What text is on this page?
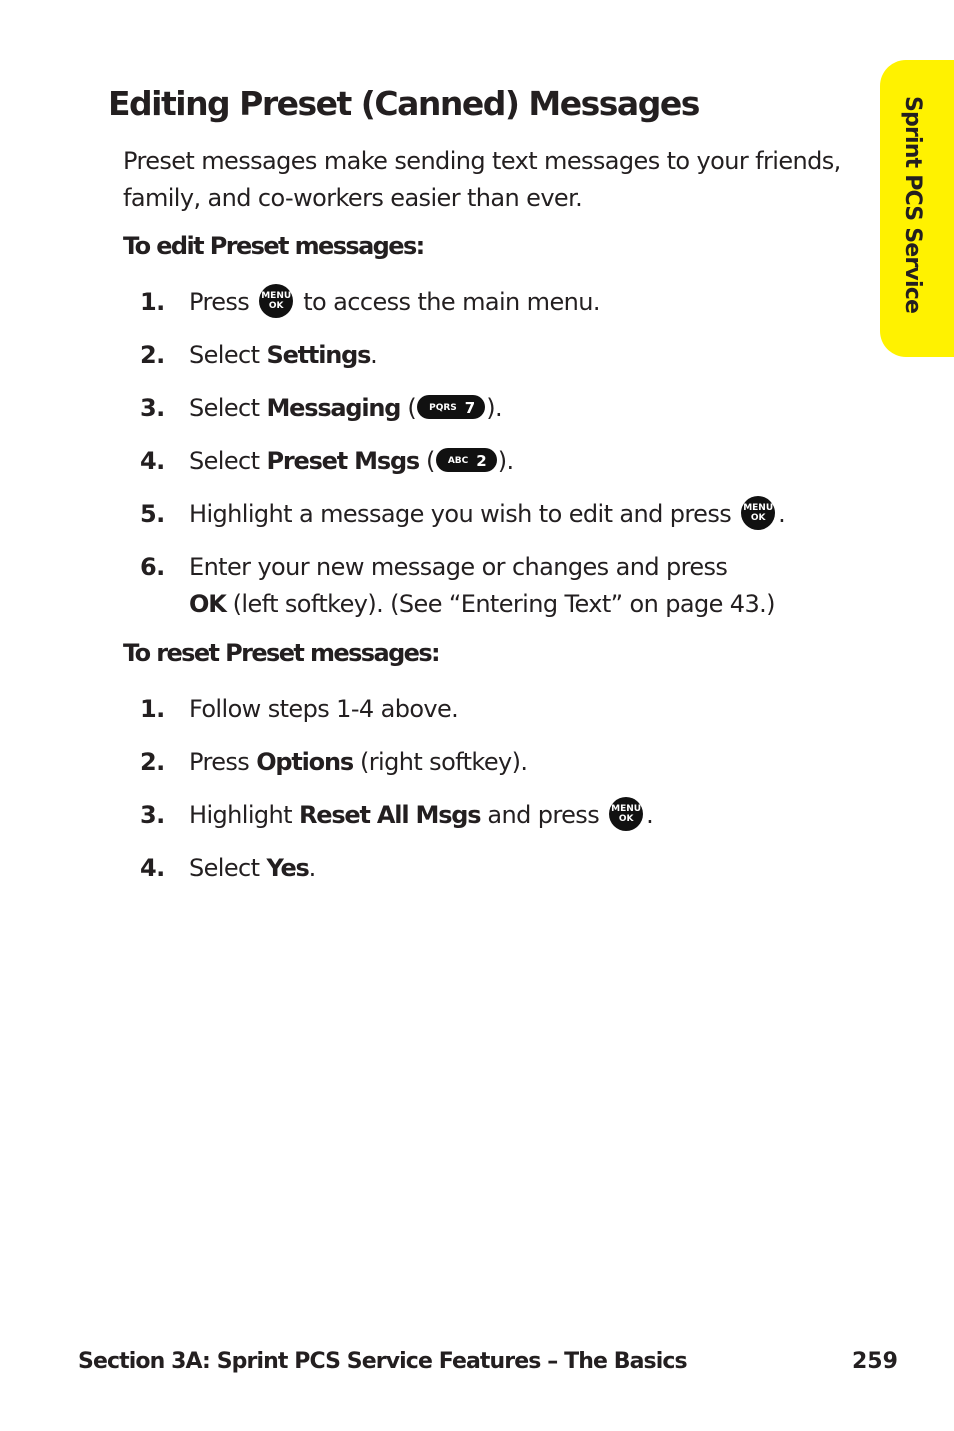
Editing Preset (Canned) Messages

Preset messages make sending text messages to your friends, family, and co-workers easier than ever.

To edit Preset messages:

1.	Press MENU
OK to access the main menu.
2.	Select Settings.
3.	Select Messaging ( PQRS 7 ).
4.	Select Preset Msgs ( ABC 2 ).
5.	Highlight a message you wish to edit and press MENU
OK .
6.	Enter your new message or changes and press
OK (left softkey). (See “Entering Text” on page 43.)

To reset Preset messages:

1.	Follow steps 1-4 above.
2.	Press Options (right softkey).
3.	Highlight Reset All Msgs and press MENU
OK .
4.	Select Yes.
Sprint PCS Service

Section 3A: Sprint PCS Service Features – The Basics	259
